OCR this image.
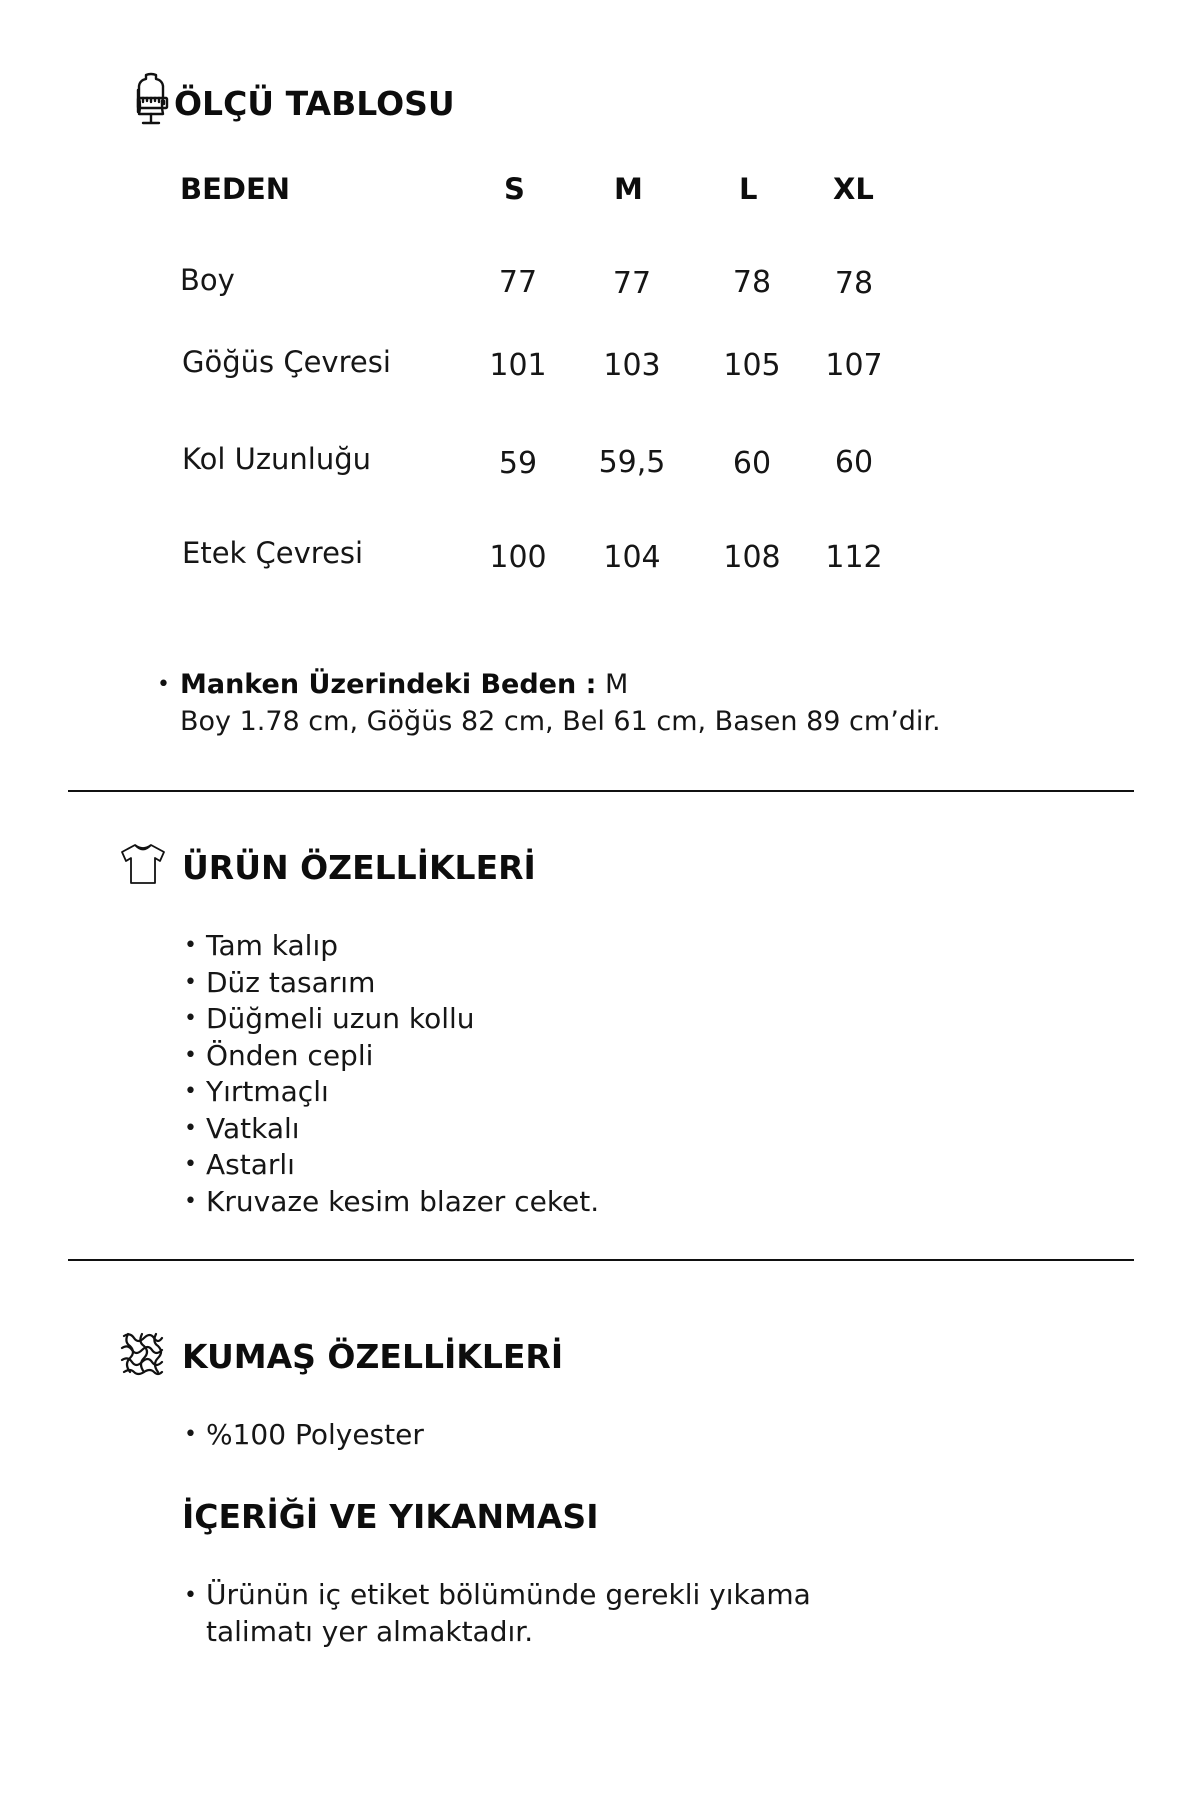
ÖLÇÜ TABLOSU
BEDEN	S	M	L	XL
Boy	77	77	78	78
Göğüs Çevresi	101	103	105	107
Kol Uzunluğu	59	59,5	60	60
Etek Çevresi	100	104	108	112
• Manken Üzerindeki Beden : M
Boy 1.78 cm, Göğüs 82 cm, Bel 61 cm, Basen 89 cm’dir.
ÜRÜN ÖZELLİKLERİ
• Tam kalıp
• Düz tasarım
• Düğmeli uzun kollu
• Önden cepli
• Yırtmaçlı
• Vatkalı
• Astarlı
• Kruvaze kesim blazer ceket.
KUMAŞ ÖZELLİKLERİ
• %100 Polyester
İÇERİĞİ VE YIKANMASI
• Ürünün iç etiket bölümünde gerekli yıkama
talimatı yer almaktadır.
